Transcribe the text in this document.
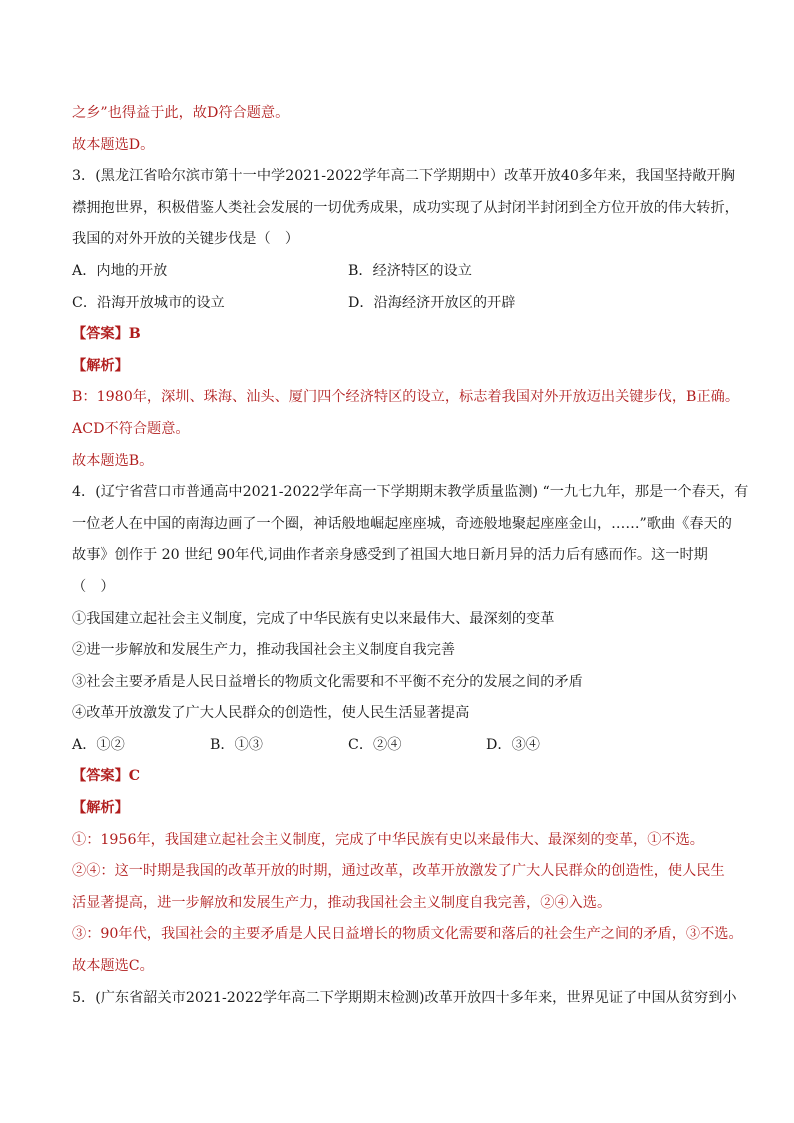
之乡”也得益于此，故D符合题意。
故本题选D。
3．(黑龙江省哈尔滨市第十一中学2021-2022学年高二下学期期中）改革开放40多年来，我国坚持敞开胸
襟拥抱世界，积极借鉴人类社会发展的一切优秀成果，成功实现了从封闭半封闭到全方位开放的伟大转折，
我国的对外开放的关键步伐是（　）
A．内地的开放	B．经济特区的设立
C．沿海开放城市的设立	D．沿海经济开放区的开辟
【答案】B
【解析】
B：1980年，深圳、珠海、汕头、厦门四个经济特区的设立，标志着我国对外开放迈出关键步伐，B正确。
ACD不符合题意。
故本题选B。
4．(辽宁省营口市普通高中2021-2022学年高一下学期期末教学质量监测) “一九七九年，那是一个春天，有
一位老人在中国的南海边画了一个圈，神话般地崛起座座城，奇迹般地聚起座座金山，……”歌曲《春天的
故事》创作于 20 世纪 90年代,词曲作者亲身感受到了祖国大地日新月异的活力后有感而作。这一时期
（　）
①我国建立起社会主义制度，完成了中华民族有史以来最伟大、最深刻的变革
②进一步解放和发展生产力，推动我国社会主义制度自我完善
③社会主要矛盾是人民日益增长的物质文化需要和不平衡不充分的发展之间的矛盾
④改革开放激发了广大人民群众的创造性，使人民生活显著提高
A．①②	B．①③	C．②④	D．③④
【答案】C
【解析】
①：1956年，我国建立起社会主义制度，完成了中华民族有史以来最伟大、最深刻的变革，①不选。
②④：这一时期是我国的改革开放的时期，通过改革，改革开放激发了广大人民群众的创造性，使人民生
活显著提高，进一步解放和发展生产力，推动我国社会主义制度自我完善，②④入选。
③：90年代，我国社会的主要矛盾是人民日益增长的物质文化需要和落后的社会生产之间的矛盾，③不选。
故本题选C。
5．(广东省韶关市2021-2022学年高二下学期期末检测)改革开放四十多年来，世界见证了中国从贫穷到小
